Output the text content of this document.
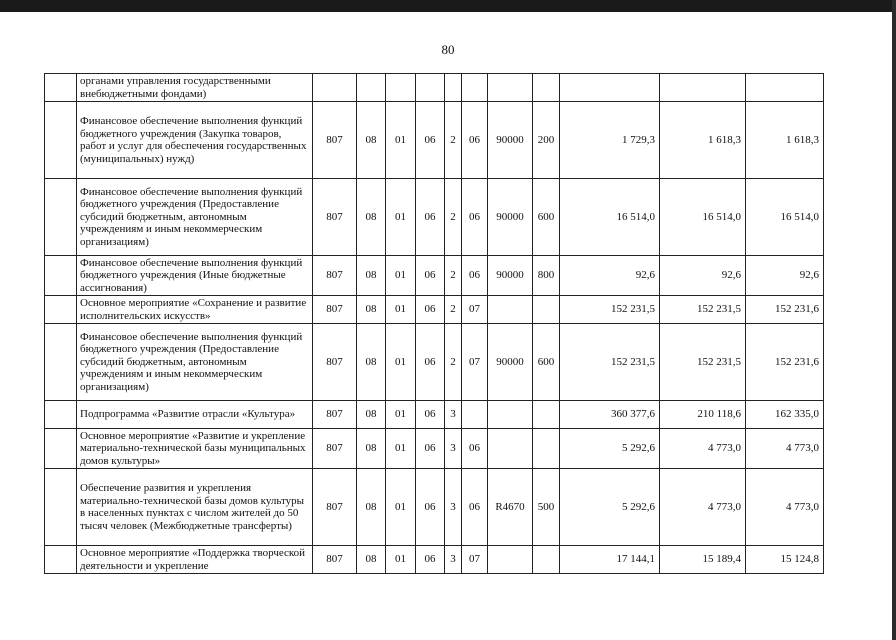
80
	органами управления государственными внебюджетными фондами)											
	Финансовое обеспечение выполнения функций бюджетного учреждения (Закупка товаров, работ и услуг для обеспечения государственных (муниципальных) нужд)	807	08	01	06	2	06	90000	200	1 729,3	1 618,3	1 618,3
	Финансовое обеспечение выполнения функций бюджетного учреждения (Предоставление субсидий бюджетным, автономным учреждениям и иным некоммерческим организациям)	807	08	01	06	2	06	90000	600	16 514,0	16 514,0	16 514,0
	Финансовое обеспечение выполнения функций бюджетного учреждения (Иные бюджетные ассигнования)	807	08	01	06	2	06	90000	800	92,6	92,6	92,6
	Основное мероприятие «Сохранение и развитие исполнительских искусств»	807	08	01	06	2	07			152 231,5	152 231,5	152 231,6
	Финансовое обеспечение выполнения функций бюджетного учреждения (Предоставление субсидий бюджетным, автономным учреждениям и иным некоммерческим организациям)	807	08	01	06	2	07	90000	600	152 231,5	152 231,5	152 231,6
	Подпрограмма «Развитие отрасли «Культура»	807	08	01	06	3				360 377,6	210 118,6	162 335,0
	Основное мероприятие «Развитие и укрепление материально-технической базы муниципальных домов культуры»	807	08	01	06	3	06			5 292,6	4 773,0	4 773,0
	Обеспечение развития и укрепления материально-технической базы домов культуры в населенных пунктах с числом жителей до 50 тысяч человек (Межбюджетные трансферты)	807	08	01	06	3	06	R4670	500	5 292,6	4 773,0	4 773,0
	Основное мероприятие «Поддержка творческой деятельности и укрепление	807	08	01	06	3	07			17 144,1	15 189,4	15 124,8
